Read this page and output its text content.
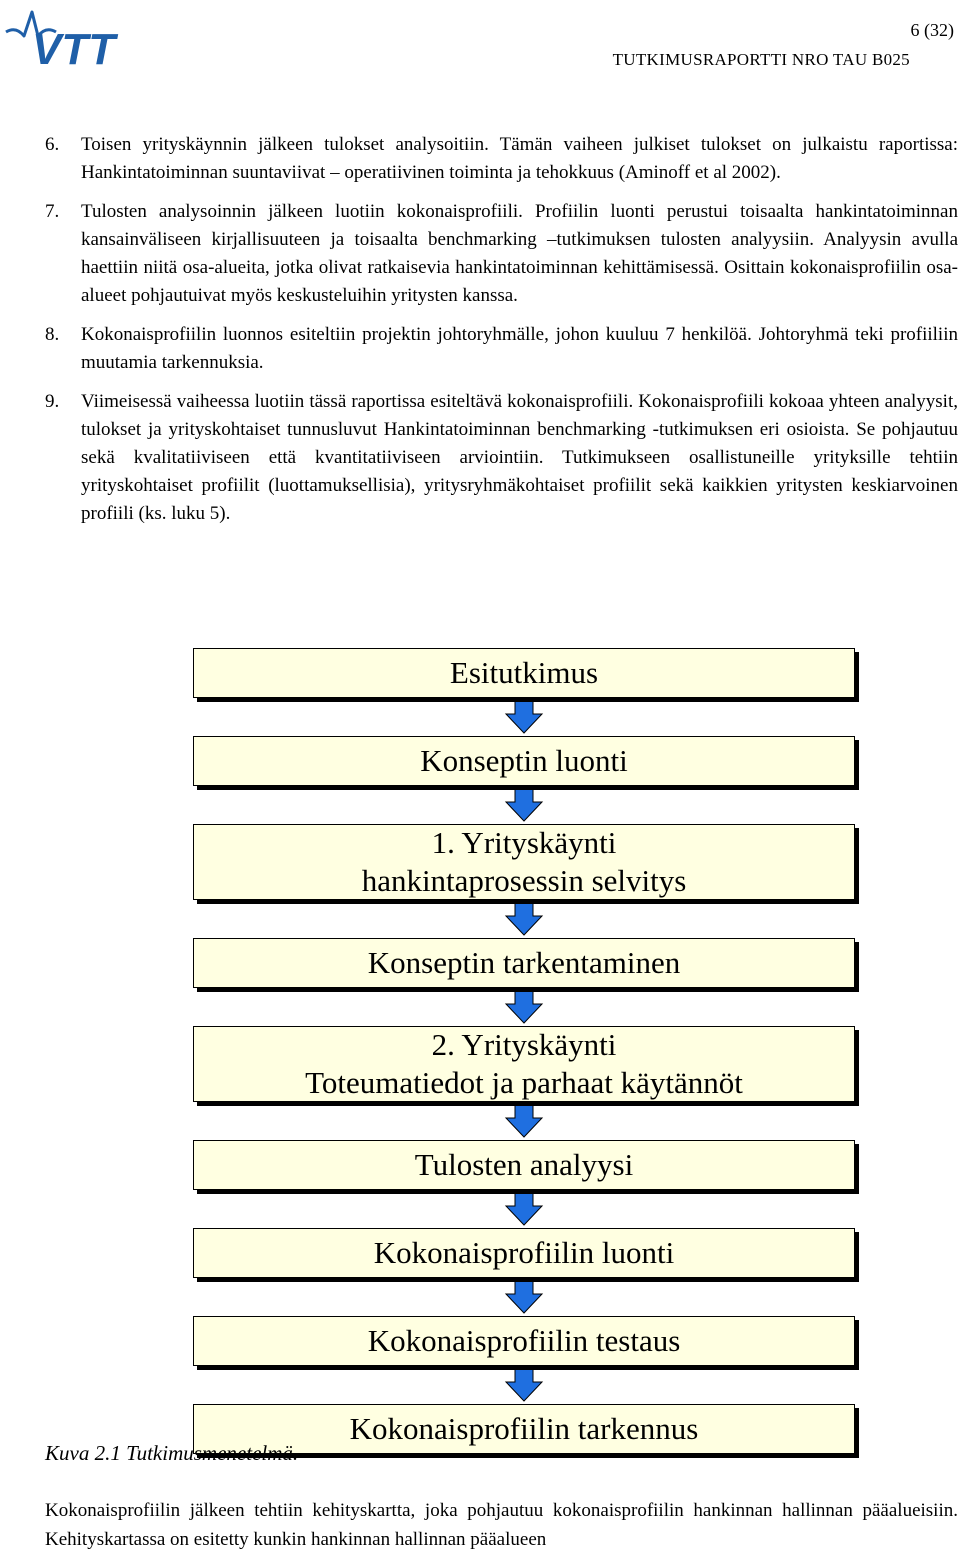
VTT	6 (32)
TUTKIMUSRAPORTTI NRO TAU B025
6.	Toisen yrityskäynnin jälkeen tulokset analysoitiin. Tämän vaiheen julkiset tulokset on julkaistu raportissa: Hankintatoiminnan suuntaviivat – operatiivinen toiminta ja tehokkuus (Aminoff et al 2002).
7.	Tulosten analysoinnin jälkeen luotiin kokonaisprofiili. Profiilin luonti perustui toisaalta hankintatoiminnan kansainväliseen kirjallisuuteen ja toisaalta benchmarking –tutkimuksen tulosten analyysiin. Analyysin avulla haettiin niitä osa-alueita, jotka olivat ratkaisevia hankintatoiminnan kehittämisessä. Osittain kokonaisprofiilin osa-alueet pohjautuivat myös keskusteluihin yritysten kanssa.
8.	Kokonaisprofiilin luonnos esiteltiin projektin johtoryhmälle, johon kuuluu 7 henkilöä. Johtoryhmä teki profiiliin muutamia tarkennuksia.
9.	Viimeisessä vaiheessa luotiin tässä raportissa esiteltävä kokonaisprofiili. Kokonaisprofiili kokoaa yhteen analyysit, tulokset ja yrityskohtaiset tunnusluvut Hankintatoiminnan benchmarking -tutkimuksen eri osioista. Se pohjautuu sekä kvalitatiiviseen että kvantitatiiviseen arviointiin. Tutkimukseen osallistuneille yrityksille tehtiin yrityskohtaiset profiilit (luottamuksellisia), yritysryhmäkohtaiset profiilit sekä kaikkien yritysten keskiarvoinen profiili (ks. luku 5).
Esitutkimus
Konseptin luonti
1. Yrityskäynti
hankintaprosessin selvitys
Konseptin tarkentaminen
2. Yrityskäynti
Toteumatiedot ja parhaat käytännöt
Tulosten analyysi
Kokonaisprofiilin luonti
Kokonaisprofiilin testaus
Kokonaisprofiilin tarkennus
Kuva 2.1 Tutkimusmenetelmä.
Kokonaisprofiilin jälkeen tehtiin kehityskartta, joka pohjautuu kokonaisprofiilin hankinnan hallinnan pääalueisiin. Kehityskartassa on esitetty kunkin hankinnan hallinnan pääalueen
